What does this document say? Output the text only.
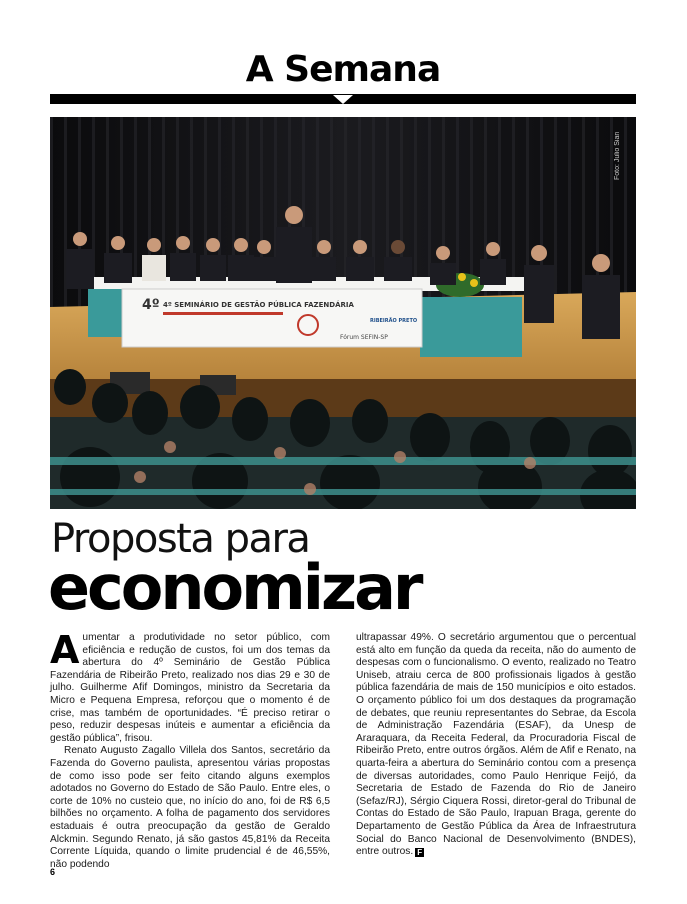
A Semana
4º 4º SEMINÁRIO DE GESTÃO PÚBLICA FAZENDÁRIA
Fórum SEFIN-SP
RIBEIRÃO PRETO
Foto: Julio Sian
Proposta para
economizar

Aumentar a produtividade no setor público, com eficiência e redução de custos, foi um dos temas da abertura do 4º Seminário de Gestão Pública Fazendária de Ribeirão Preto, realizado nos dias 29 e 30 de julho. Guilherme Afif Domingos, ministro da Secretaria da Micro e Pequena Empresa, reforçou que o momento é de crise, mas também de oportunidades. “É preciso retirar o peso, reduzir despesas inúteis e aumentar a eficiência da gestão pública”, frisou.

Renato Augusto Zagallo Villela dos Santos, secretário da Fazenda do Governo paulista, apresentou várias propostas de como isso pode ser feito citando alguns exemplos adotados no Governo do Estado de São Paulo. Entre eles, o corte de 10% no custeio que, no início do ano, foi de R$ 6,5 bilhões no orçamento. A folha de pagamento dos servidores estaduais é outra preocupação da gestão de Geraldo Alckmin. Segundo Renato, já são gastos 45,81% da Receita Corrente Líquida, quando o limite prudencial é de 46,55%, não podendo

ultrapassar 49%. O secretário argumentou que o percentual está alto em função da queda da receita, não do aumento de despesas com o funcionalismo. O evento, realizado no Teatro Uniseb, atraiu cerca de 800 profissionais ligados à gestão pública fazendária de mais de 150 municípios e oito estados. O orçamento público foi um dos destaques da programação de debates, que reuniu representantes do Sebrae, da Escola de Administração Fazendária (ESAF), da Unesp de Araraquara, da Receita Federal, da Procuradoria Fiscal de Ribeirão Preto, entre outros órgãos. Além de Afif e Renato, na quarta-feira a abertura do Seminário contou com a presença de diversas autoridades, como Paulo Henrique Feijó, da Secretaria de Estado de Fazenda do Rio de Janeiro (Sefaz/RJ), Sérgio Ciquera Rossi, diretor-geral do Tribunal de Contas do Estado de São Paulo, Irapuan Braga, gerente do Departamento de Gestão Pública da Área de Infraestrutura Social do Banco Nacional de Desenvolvimento (BNDES), entre outros. F

6
